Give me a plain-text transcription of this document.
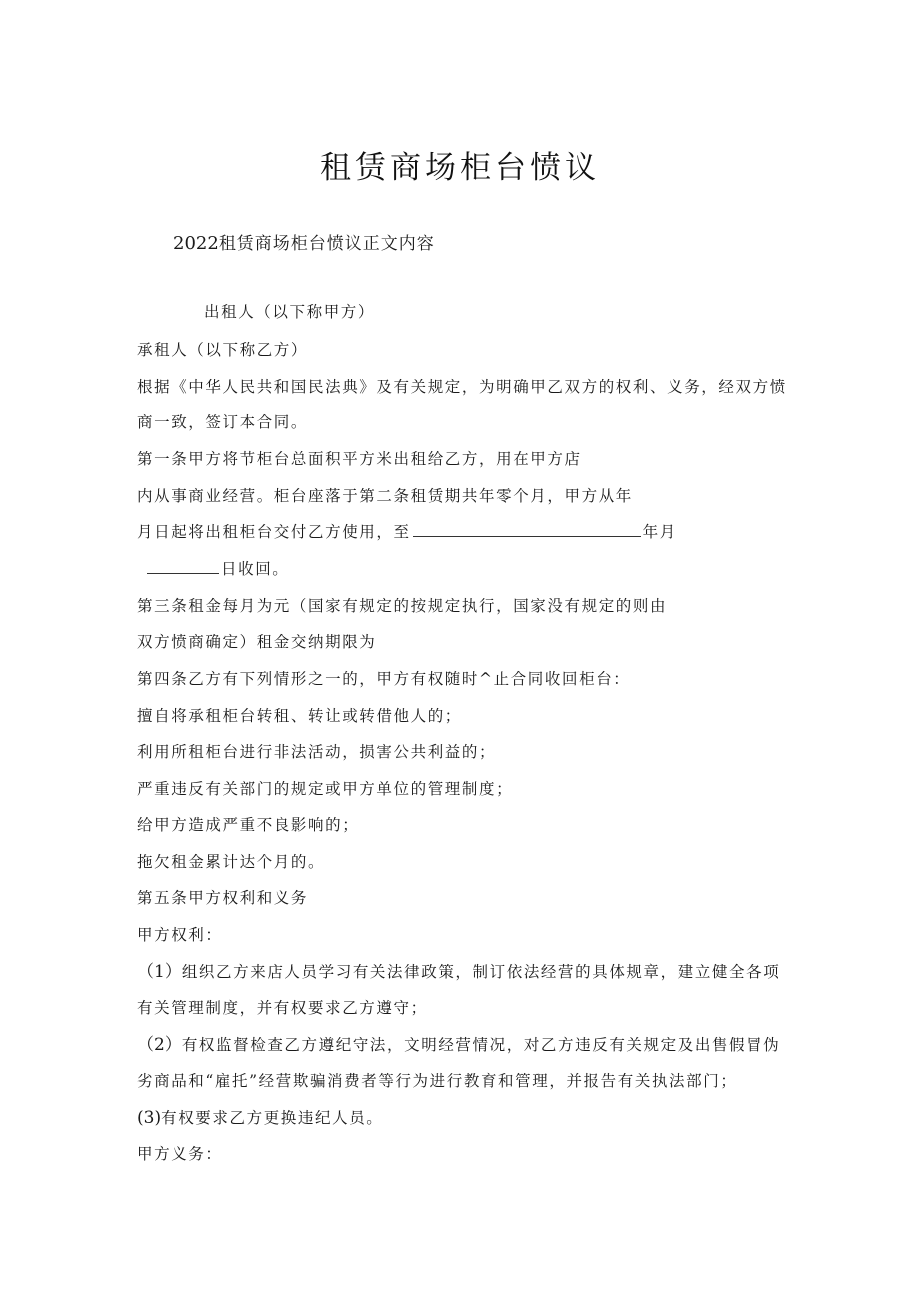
租赁商场柜台愤议
2022租赁商场柜台愤议正文内容
出租人（以下称甲方）
承租人（以下称乙方）
根据《中华人民共和国民法典》及有关规定，为明确甲乙双方的权利、义务，经双方愤
商一致，签订本合同。
第一条甲方将节柜台总面积平方米出租给乙方，用在甲方店
内从事商业经营。柜台座落于第二条租赁期共年零个月，甲方从年
月日起将出租柜台交付乙方使用，至	年月
日收回。
第三条租金每月为元（国家有规定的按规定执行，国家没有规定的则由
双方愤商确定）租金交纳期限为
第四条乙方有下列情形之一的，甲方有权随时^止合同收回柜台：
擅自将承租柜台转租、转让或转借他人的；
利用所租柜台进行非法活动，损害公共利益的；
严重违反有关部门的规定或甲方单位的管理制度；
给甲方造成严重不良影响的；
拖欠租金累计达个月的。
第五条甲方权利和义务
甲方权利：
（1）组织乙方来店人员学习有关法律政策，制订依法经营的具体规章，建立健全各项
有关管理制度，并有权要求乙方遵守；
（2）有权监督检查乙方遵纪守法，文明经营情况，对乙方违反有关规定及出售假冒伪
劣商品和“雇托”经营欺骗消费者等行为进行教育和管理，并报告有关执法部门；
(3)有权要求乙方更换违纪人员。
甲方义务：
